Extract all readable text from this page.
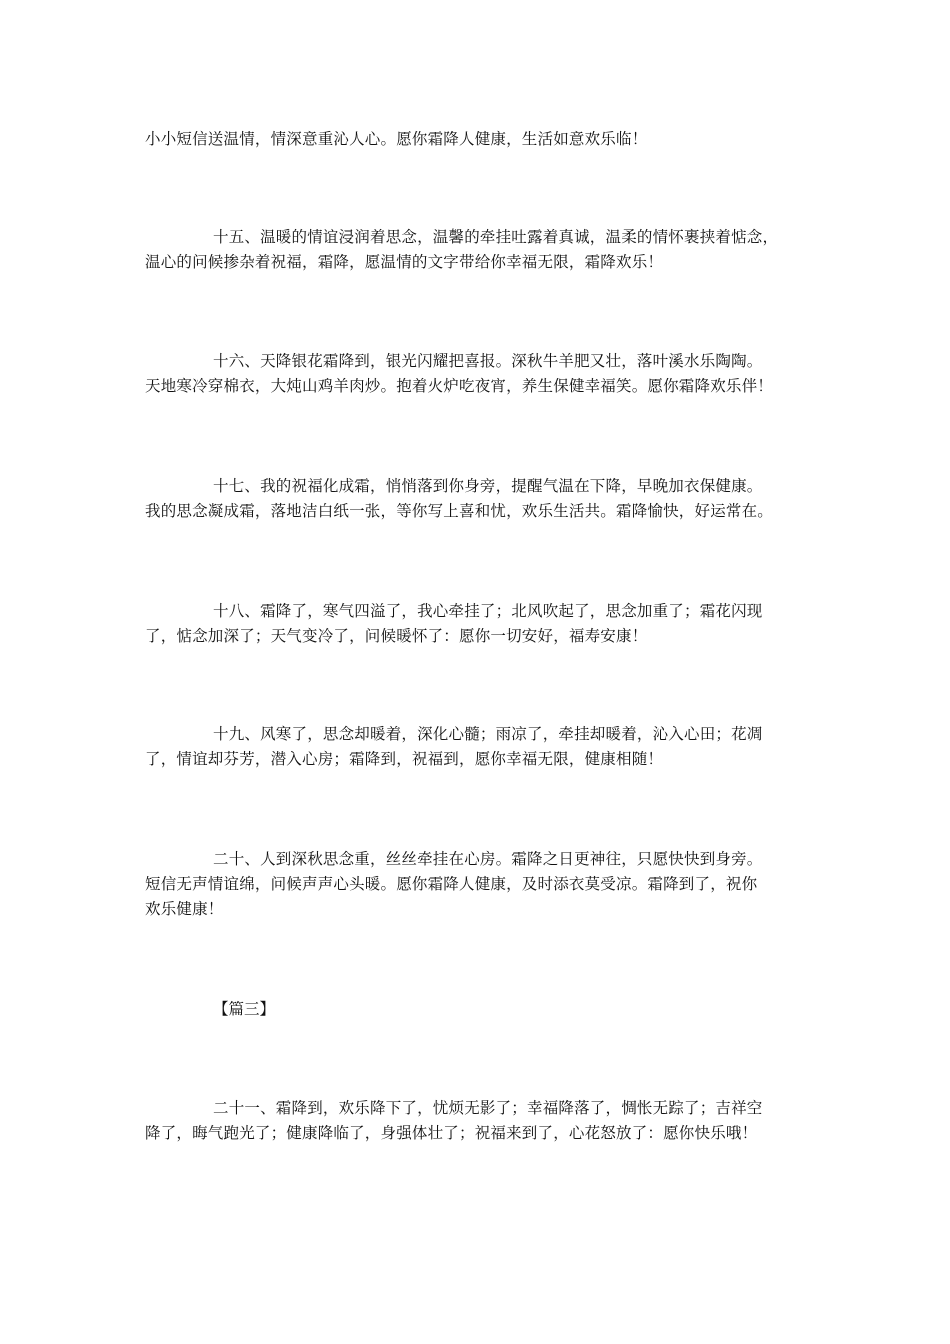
小小短信送温情，情深意重沁人心。愿你霜降人健康，生活如意欢乐临！

十五、温暖的情谊浸润着思念，温馨的牵挂吐露着真诚，温柔的情怀裹挟着惦念，
温心的问候掺杂着祝福，霜降，愿温情的文字带给你幸福无限，霜降欢乐！

十六、天降银花霜降到，银光闪耀把喜报。深秋牛羊肥又壮，落叶溪水乐陶陶。
天地寒冷穿棉衣，大炖山鸡羊肉炒。抱着火炉吃夜宵，养生保健幸福笑。愿你霜降欢乐伴！

十七、我的祝福化成霜，悄悄落到你身旁，提醒气温在下降，早晚加衣保健康。
我的思念凝成霜，落地洁白纸一张，等你写上喜和忧，欢乐生活共。霜降愉快，好运常在。

十八、霜降了，寒气四溢了，我心牵挂了；北风吹起了，思念加重了；霜花闪现
了，惦念加深了；天气变冷了，问候暖怀了：愿你一切安好，福寿安康！

十九、风寒了，思念却暖着，深化心髓；雨凉了，牵挂却暖着，沁入心田；花凋
了，情谊却芬芳，潜入心房；霜降到，祝福到，愿你幸福无限，健康相随！

二十、人到深秋思念重，丝丝牵挂在心房。霜降之日更神往，只愿快快到身旁。
短信无声情谊绵，问候声声心头暖。愿你霜降人健康，及时添衣莫受凉。霜降到了，祝你
欢乐健康！

【篇三】

二十一、霜降到，欢乐降下了，忧烦无影了；幸福降落了，惆怅无踪了；吉祥空
降了，晦气跑光了；健康降临了，身强体壮了；祝福来到了，心花怒放了：愿你快乐哦！
